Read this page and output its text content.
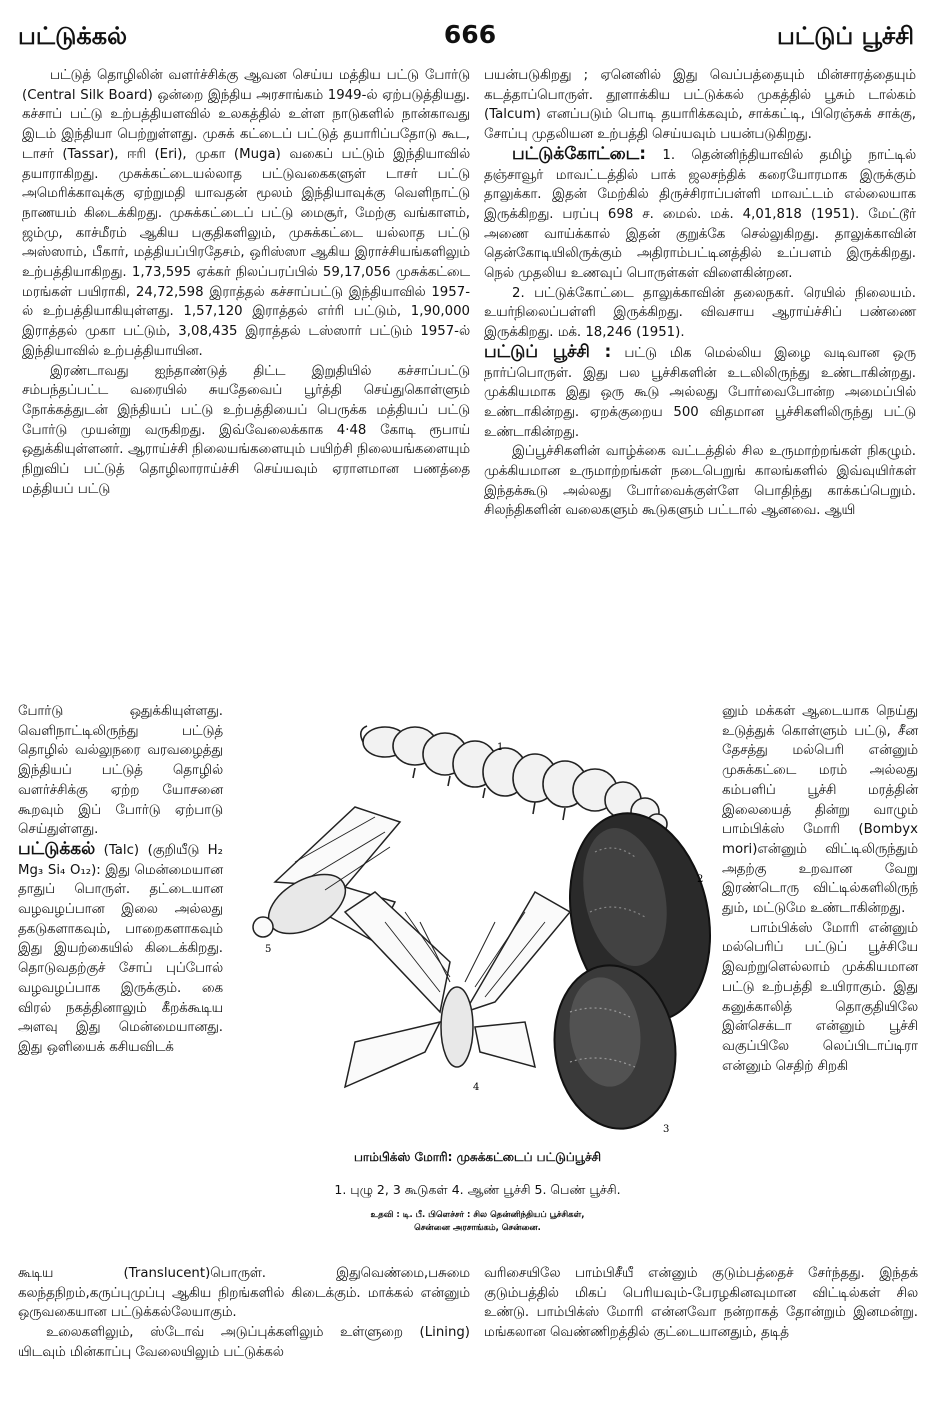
பட்டுக்கல்	666	பட்டுப் பூச்சி

பட்டுத் தொழிலின் வளர்ச்சிக்கு ஆவன செய்ய மத்திய பட்டு போர்டு (Central Silk Board) ஒன்றை இந்திய அரசாங்கம் 1949-ல் ஏற்படுத்தியது. கச்சாப் பட்டு உற்பத்தியளவில் உலகத்தில் உள்ள நாடுகளில் நான்காவது இடம் இந்தியா பெற்றுள்ளது. முசுக் கட்டைப் பட்டுத் தயாரிப்பதோடு கூட, டாசர் (Tassar), ஈரி (Eri), முகா (Muga) வகைப் பட்டும் இந்தியாவில் தயாராகிறது. முசுக்கட்டையல்லாத பட்டுவகைகளுள் டாசர் பட்டு அமெரிக்காவுக்கு ஏற்றுமதி யாவதன் மூலம் இந்தியாவுக்கு வெளிநாட்டு நாணயம் கிடைக்கிறது. முசுக்கட்டைப் பட்டு மைசூர், மேற்கு வங்காளம், ஜம்மு, காச்மீரம் ஆகிய பகுதிகளிலும், முசுக்கட்டை யல்லாத பட்டு அஸ்ஸாம், பீகார், மத்தியப்பிரதேசம், ஒரிஸ்ஸா ஆகிய இராச்சியங்களிலும் உற்பத்தியாகிறது. 1,73,595 ஏக்கர் நிலப்பரப்பில் 59,17,056 முசுக்கட்டை மரங்கள் பயிராகி, 24,72,598 இராத்தல் கச்சாப்பட்டு இந்தியாவில் 1957-ல் உற்பத்தியாகியுள்ளது. 1,57,120 இராத்தல் எர்ரி பட்டும், 1,90,000 இராத்தல் முகா பட்டும், 3,08,435 இராத்தல் டஸ்ஸார் பட்டும் 1957-ல் இந்தியாவில் உற்பத்தியாயின.

இரண்டாவது ஐந்தாண்டுத் திட்ட இறுதியில் கச்சாப்பட்டு சம்பந்தப்பட்ட வரையில் சுயதேவைப் பூர்த்தி செய்துகொள்ளும் நோக்கத்துடன் இந்தியப் பட்டு உற்பத்தியைப் பெருக்க மத்தியப் பட்டு போர்டு முயன்று வருகிறது. இவ்வேலைக்காக 4·48 கோடி ரூபாய் ஒதுக்கியுள்ளனர். ஆராய்ச்சி நிலையங்களையும் பயிற்சி நிலையங்களையும் நிறுவிப் பட்டுத் தொழிலாராய்ச்சி செய்யவும் ஏராளமான பணத்தை மத்தியப் பட்டு

போர்டு ஒதுக்கியுள்ளது. வெளிநாட்டிலிருந்து பட்டுத் தொழில் வல்லுநரை வரவழைத்து இந்தியப் பட்டுத் தொழில் வளர்ச்சிக்கு ஏற்ற யோசனை கூறவும் இப் போர்டு ஏற்பாடு செய்துள்ளது.

பட்டுக்கல் (Talc) (குறியீடு H₂ Mg₃ Si₄ O₁₂): இது மென்மையான தாதுப் பொருள். தட்டையான வழவழப்பான இலை அல்லது தகடுகளாகவும், பாறைகளாகவும் இது இயற்கையில் கிடைக்கிறது. தொடுவதற்குச் சோப் புப்போல் வழவழப்பாக இருக்கும். கை விரல் நகத்தினாலும் கீறக்கூடிய அளவு இது மென்மையானது. இது ஒளியைக் கசியவிடக்

கூடிய (Translucent)பொருள். இதுவெண்மை,பசுமை கலந்தநிறம்,கருப்புமுப்பு ஆகிய நிறங்களில் கிடைக்கும். மாக்கல் என்னும் ஒருவகையான பட்டுக்கல்லேயாகும்.

உலைகளிலும், ஸ்டோவ் அடுப்புக்களிலும் உள்ளுறை (Lining) யிடவும் மின்காப்பு வேலையிலும் பட்டுக்கல்

பயன்படுகிறது ; ஏனெனில் இது வெப்பத்தையும் மின்சாரத்தையும் கடத்தாப்பொருள். தூளாக்கிய பட்டுக்கல் முகத்தில் பூசும் டால்கம் (Talcum) எனப்படும் பொடி தயாரிக்கவும், சாக்கட்டி, பிரெஞ்சுக் சாக்கு, சோப்பு முதலியன உற்பத்தி செய்யவும் பயன்படுகிறது.

பட்டுக்கோட்டை: 1. தென்னிந்தியாவில் தமிழ் நாட்டில் தஞ்சாவூர் மாவட்டத்தில் பாக் ஜலசந்திக் கரையோரமாக இருக்கும் தாலுக்கா. இதன் மேற்கில் திருச்சிராப்பள்ளி மாவட்டம் எல்லையாக இருக்கிறது. பரப்பு 698 ச. மைல். மக். 4,01,818 (1951). மேட்டூர் அணை வாய்க்கால் இதன் குறுக்கே செல்லுகிறது. தாலுக்காவின் தென்கோடியிலிருக்கும் அதிராம்பட்டினத்தில் உப்பளம் இருக்கிறது. நெல் முதலிய உணவுப் பொருள்கள் விளைகின்றன.

2. பட்டுக்கோட்டை தாலுக்காவின் தலைநகர். ரெயில் நிலையம். உயர்நிலைப்பள்ளி இருக்கிறது. விவசாய ஆராய்ச்சிப் பண்ணை இருக்கிறது. மக். 18,246 (1951).

பட்டுப் பூச்சி : பட்டு மிக மெல்லிய இழை வடிவான ஒரு நார்ப்பொருள். இது பல பூச்சிகளின் உடலிலிருந்து உண்டாகின்றது. முக்கியமாக இது ஒரு கூடு அல்லது போர்வைபோன்ற அமைப்பில் உண்டாகின்றது. ஏறக்குறைய 500 விதமான பூச்சிகளிலிருந்து பட்டு உண்டாகின்றது.

இப்பூச்சிகளின் வாழ்க்கை வட்டத்தில் சில உருமாற்றங்கள் நிகழும். முக்கியமான உருமாற்றங்கள் நடைபெறுங் காலங்களில் இவ்வுயிர்கள் இந்தக்கூடு அல்லது போர்வைக்குள்ளே பொதிந்து காக்கப்பெறும். சிலந்திகளின் வலைகளும் கூடுகளும் பட்டால் ஆனவை. ஆயி

னும் மக்கள் ஆடையாக நெய்து உடுத்துக் கொள்ளும் பட்டு, சீன தேசத்து மல்பெரி என்னும் முசுக்கட்டை மரம் அல்லது கம்பளிப் பூச்சி மரத்தின் இலையைத் தின்று வாழும் பாம்பிக்ஸ் மோரி (Bombyx mori)என்னும் விட்டிலிருந்தும் அதற்கு உறவான வேறு இரண்டொரு விட்டில்களிலிருந் தும், மட்டுமே உண்டாகின்றது.

பாம்பிக்ஸ் மோரி என்னும் மல்பெரிப் பட்டுப் பூச்சியே இவற்றுளெல்லாம் முக்கியமான பட்டு உற்பத்தி உயிராகும். இது கனுக்காலித் தொகுதியிலே இன்செக்டா என்னும் பூச்சி வகுப்பிலே லெப்பிடாப்டிரா என்னும் செதிற் சிறகி

வரிசையிலே பாம்பிசீயீ என்னும் குடும்பத்தைச் சேர்ந்தது. இந்தக் குடும்பத்தில் மிகப் பெரியவும்-பேரழகினவுமான விட்டில்கள் சில உண்டு. பாம்பிக்ஸ் மோரி என்னவோ நன்றாகத் தோன்றும் இனமன்று. மங்கலான வெண்ணிறத்தில் குட்டையானதும், தடித்

1
2
3
4
5
பாம்பிக்ஸ் மோரி: முசுக்கட்டைப் பட்டுப்பூச்சி
1. புழு 2, 3 கூடுகள் 4. ஆண் பூச்சி 5. பெண் பூச்சி.
உதவி : டி. பீ. பிளெச்சர் : சில தென்னிந்தியப் பூச்சிகள்,
சென்னை அரசாங்கம், சென்னை.
